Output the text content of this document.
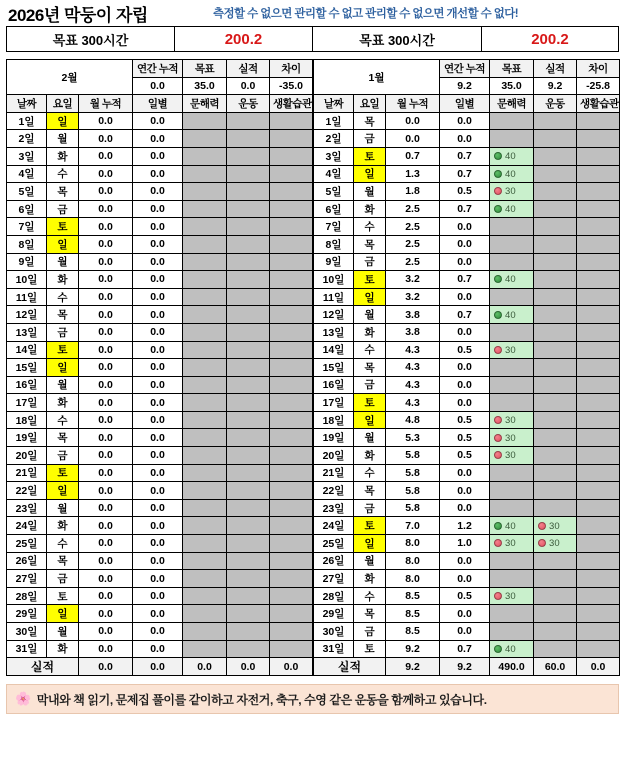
2026년 막둥이 자립	측정할 수 없으면 관리할 수 없고 관리할 수 없으면 개선할 수 없다!
목표 300시간	200.2	목표 300시간	200.2
2월			연간 누적	목표	실적	차이
			0.0	35.0	0.0	-35.0
날짜	요일	월 누적	일별	문해력	운동	생활습관
1일	일	0.0	0.0			
2일	월	0.0	0.0			
3일	화	0.0	0.0			
4일	수	0.0	0.0			
5일	목	0.0	0.0			
6일	금	0.0	0.0			
7일	토	0.0	0.0			
8일	일	0.0	0.0			
9일	월	0.0	0.0			
10일	화	0.0	0.0			
11일	수	0.0	0.0			
12일	목	0.0	0.0			
13일	금	0.0	0.0			
14일	토	0.0	0.0			
15일	일	0.0	0.0			
16일	월	0.0	0.0			
17일	화	0.0	0.0			
18일	수	0.0	0.0			
19일	목	0.0	0.0			
20일	금	0.0	0.0			
21일	토	0.0	0.0			
22일	일	0.0	0.0			
23일	월	0.0	0.0			
24일	화	0.0	0.0			
25일	수	0.0	0.0			
26일	목	0.0	0.0			
27일	금	0.0	0.0			
28일	토	0.0	0.0			
29일	일	0.0	0.0			
30일	월	0.0	0.0			
31일	화	0.0	0.0			
실적		0.0	0.0	0.0	0.0	0.0
1월			연간 누적	목표	실적	차이
			9.2	35.0	9.2	-25.8
날짜	요일	월 누적	일별	문해력	운동	생활습관
1일	목	0.0	0.0			
2일	금	0.0	0.0			
3일	토	0.7	0.7	40		
4일	일	1.3	0.7	40		
5일	월	1.8	0.5	30		
6일	화	2.5	0.7	40		
7일	수	2.5	0.0			
8일	목	2.5	0.0			
9일	금	2.5	0.0			
10일	토	3.2	0.7	40		
11일	일	3.2	0.0			
12일	월	3.8	0.7	40		
13일	화	3.8	0.0			
14일	수	4.3	0.5	30		
15일	목	4.3	0.0			
16일	금	4.3	0.0			
17일	토	4.3	0.0			
18일	일	4.8	0.5	30		
19일	월	5.3	0.5	30		
20일	화	5.8	0.5	30		
21일	수	5.8	0.0			
22일	목	5.8	0.0			
23일	금	5.8	0.0			
24일	토	7.0	1.2	40	30	
25일	일	8.0	1.0	30	30	
26일	월	8.0	0.0			
27일	화	8.0	0.0			
28일	수	8.5	0.5	30		
29일	목	8.5	0.0			
30일	금	8.5	0.0			
31일	토	9.2	0.7	40		
실적		9.2	9.2	490.0	60.0	0.0
🌸 막내와 책 읽기, 문제집 풀이를 같이하고 자전거, 축구, 수영 같은 운동을 함께하고 있습니다.
